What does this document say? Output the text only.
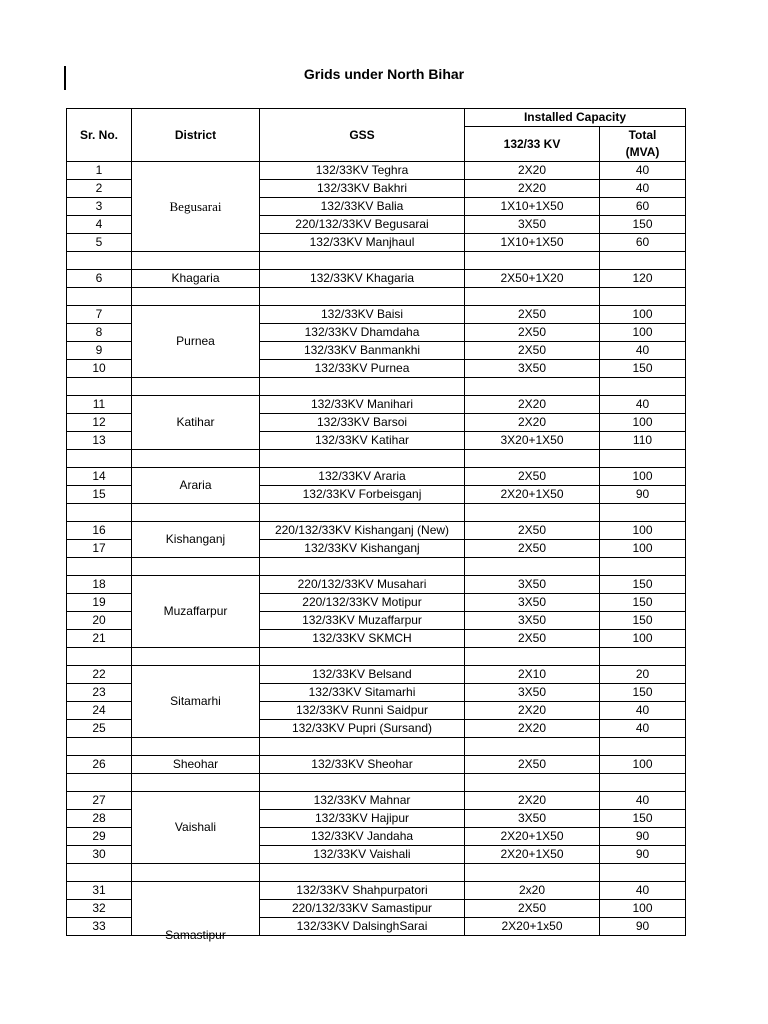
Grids under North Bihar
Sr. No.	District	GSS	Installed Capacity	
			132/33 KV	Total
(MVA)
1	Begusarai	132/33KV Teghra	2X20	40
2		132/33KV Bakhri	2X20	40
3		132/33KV Balia	1X10+1X50	60
4		220/132/33KV Begusarai	3X50	150
5		132/33KV Manjhaul	1X10+1X50	60

6	Khagaria	132/33KV Khagaria	2X50+1X20	120

7	Purnea	132/33KV Baisi	2X50	100
8		132/33KV Dhamdaha	2X50	100
9		132/33KV Banmankhi	2X50	40
10		132/33KV Purnea	3X50	150

11	Katihar	132/33KV Manihari	2X20	40
12		132/33KV Barsoi	2X20	100
13		132/33KV Katihar	3X20+1X50	110

14	Araria	132/33KV Araria	2X50	100
15		132/33KV Forbeisganj	2X20+1X50	90

16	Kishanganj	220/132/33KV Kishanganj (New)	2X50	100
17		132/33KV Kishanganj	2X50	100

18	Muzaffarpur	220/132/33KV Musahari	3X50	150
19		220/132/33KV Motipur	3X50	150
20		132/33KV Muzaffarpur	3X50	150
21		132/33KV SKMCH	2X50	100

22	Sitamarhi	132/33KV Belsand	2X10	20
23		132/33KV Sitamarhi	3X50	150
24		132/33KV Runni Saidpur	2X20	40
25		132/33KV Pupri (Sursand)	2X20	40

26	Sheohar	132/33KV Sheohar	2X50	100

27	Vaishali	132/33KV Mahnar	2X20	40
28		132/33KV Hajipur	3X50	150
29		132/33KV Jandaha	2X20+1X50	90
30		132/33KV Vaishali	2X20+1X50	90

31	Samastipur	132/33KV Shahpurpatori	2x20	40
32		220/132/33KV Samastipur	2X50	100
33		132/33KV DalsinghSarai	2X20+1x50	90
